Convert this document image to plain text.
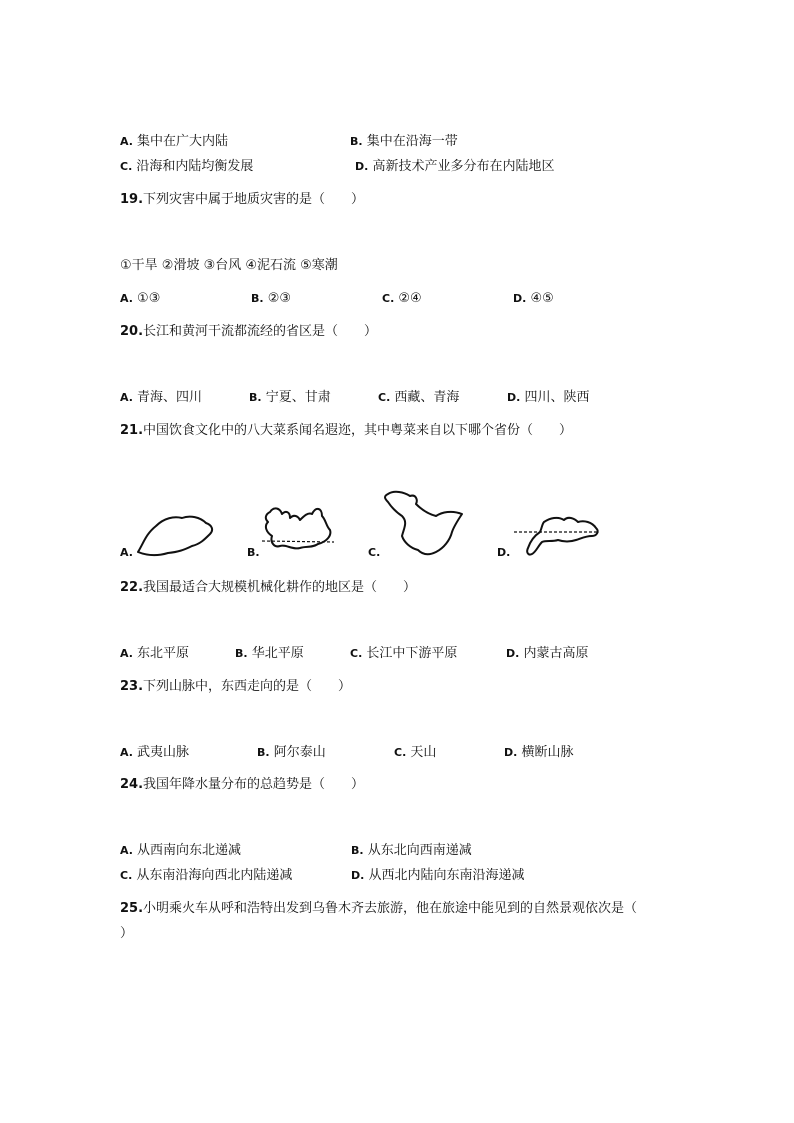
A. 集中在广大内陆	B. 集中在沿海一带
C. 沿海和内陆均衡发展	D. 高新技术产业多分布在内陆地区
19.下列灾害中属于地质灾害的是（　　）
①干旱 ②滑坡 ③台风 ④泥石流 ⑤寒潮
A. ①③	B. ②③	C. ②④	D. ④⑤
20.长江和黄河干流都流经的省区是（　　）
A. 青海、四川	B. 宁夏、甘肃	C. 西藏、青海	D. 四川、陕西
21.中国饮食文化中的八大菜系闻名遐迩，其中粤菜来自以下哪个省份（　　）
A.	B.	C.	D.
22.我国最适合大规模机械化耕作的地区是（　　）
A. 东北平原	B. 华北平原	C. 长江中下游平原	D. 内蒙古高原
23.下列山脉中，东西走向的是（　　）
A. 武夷山脉	B. 阿尔泰山	C. 天山	D. 横断山脉
24.我国年降水量分布的总趋势是（　　）
A. 从西南向东北递减	B. 从东北向西南递减
C. 从东南沿海向西北内陆递减	D. 从西北内陆向东南沿海递减
25.小明乘火车从呼和浩特出发到乌鲁木齐去旅游，他在旅途中能见到的自然景观依次是（
）
